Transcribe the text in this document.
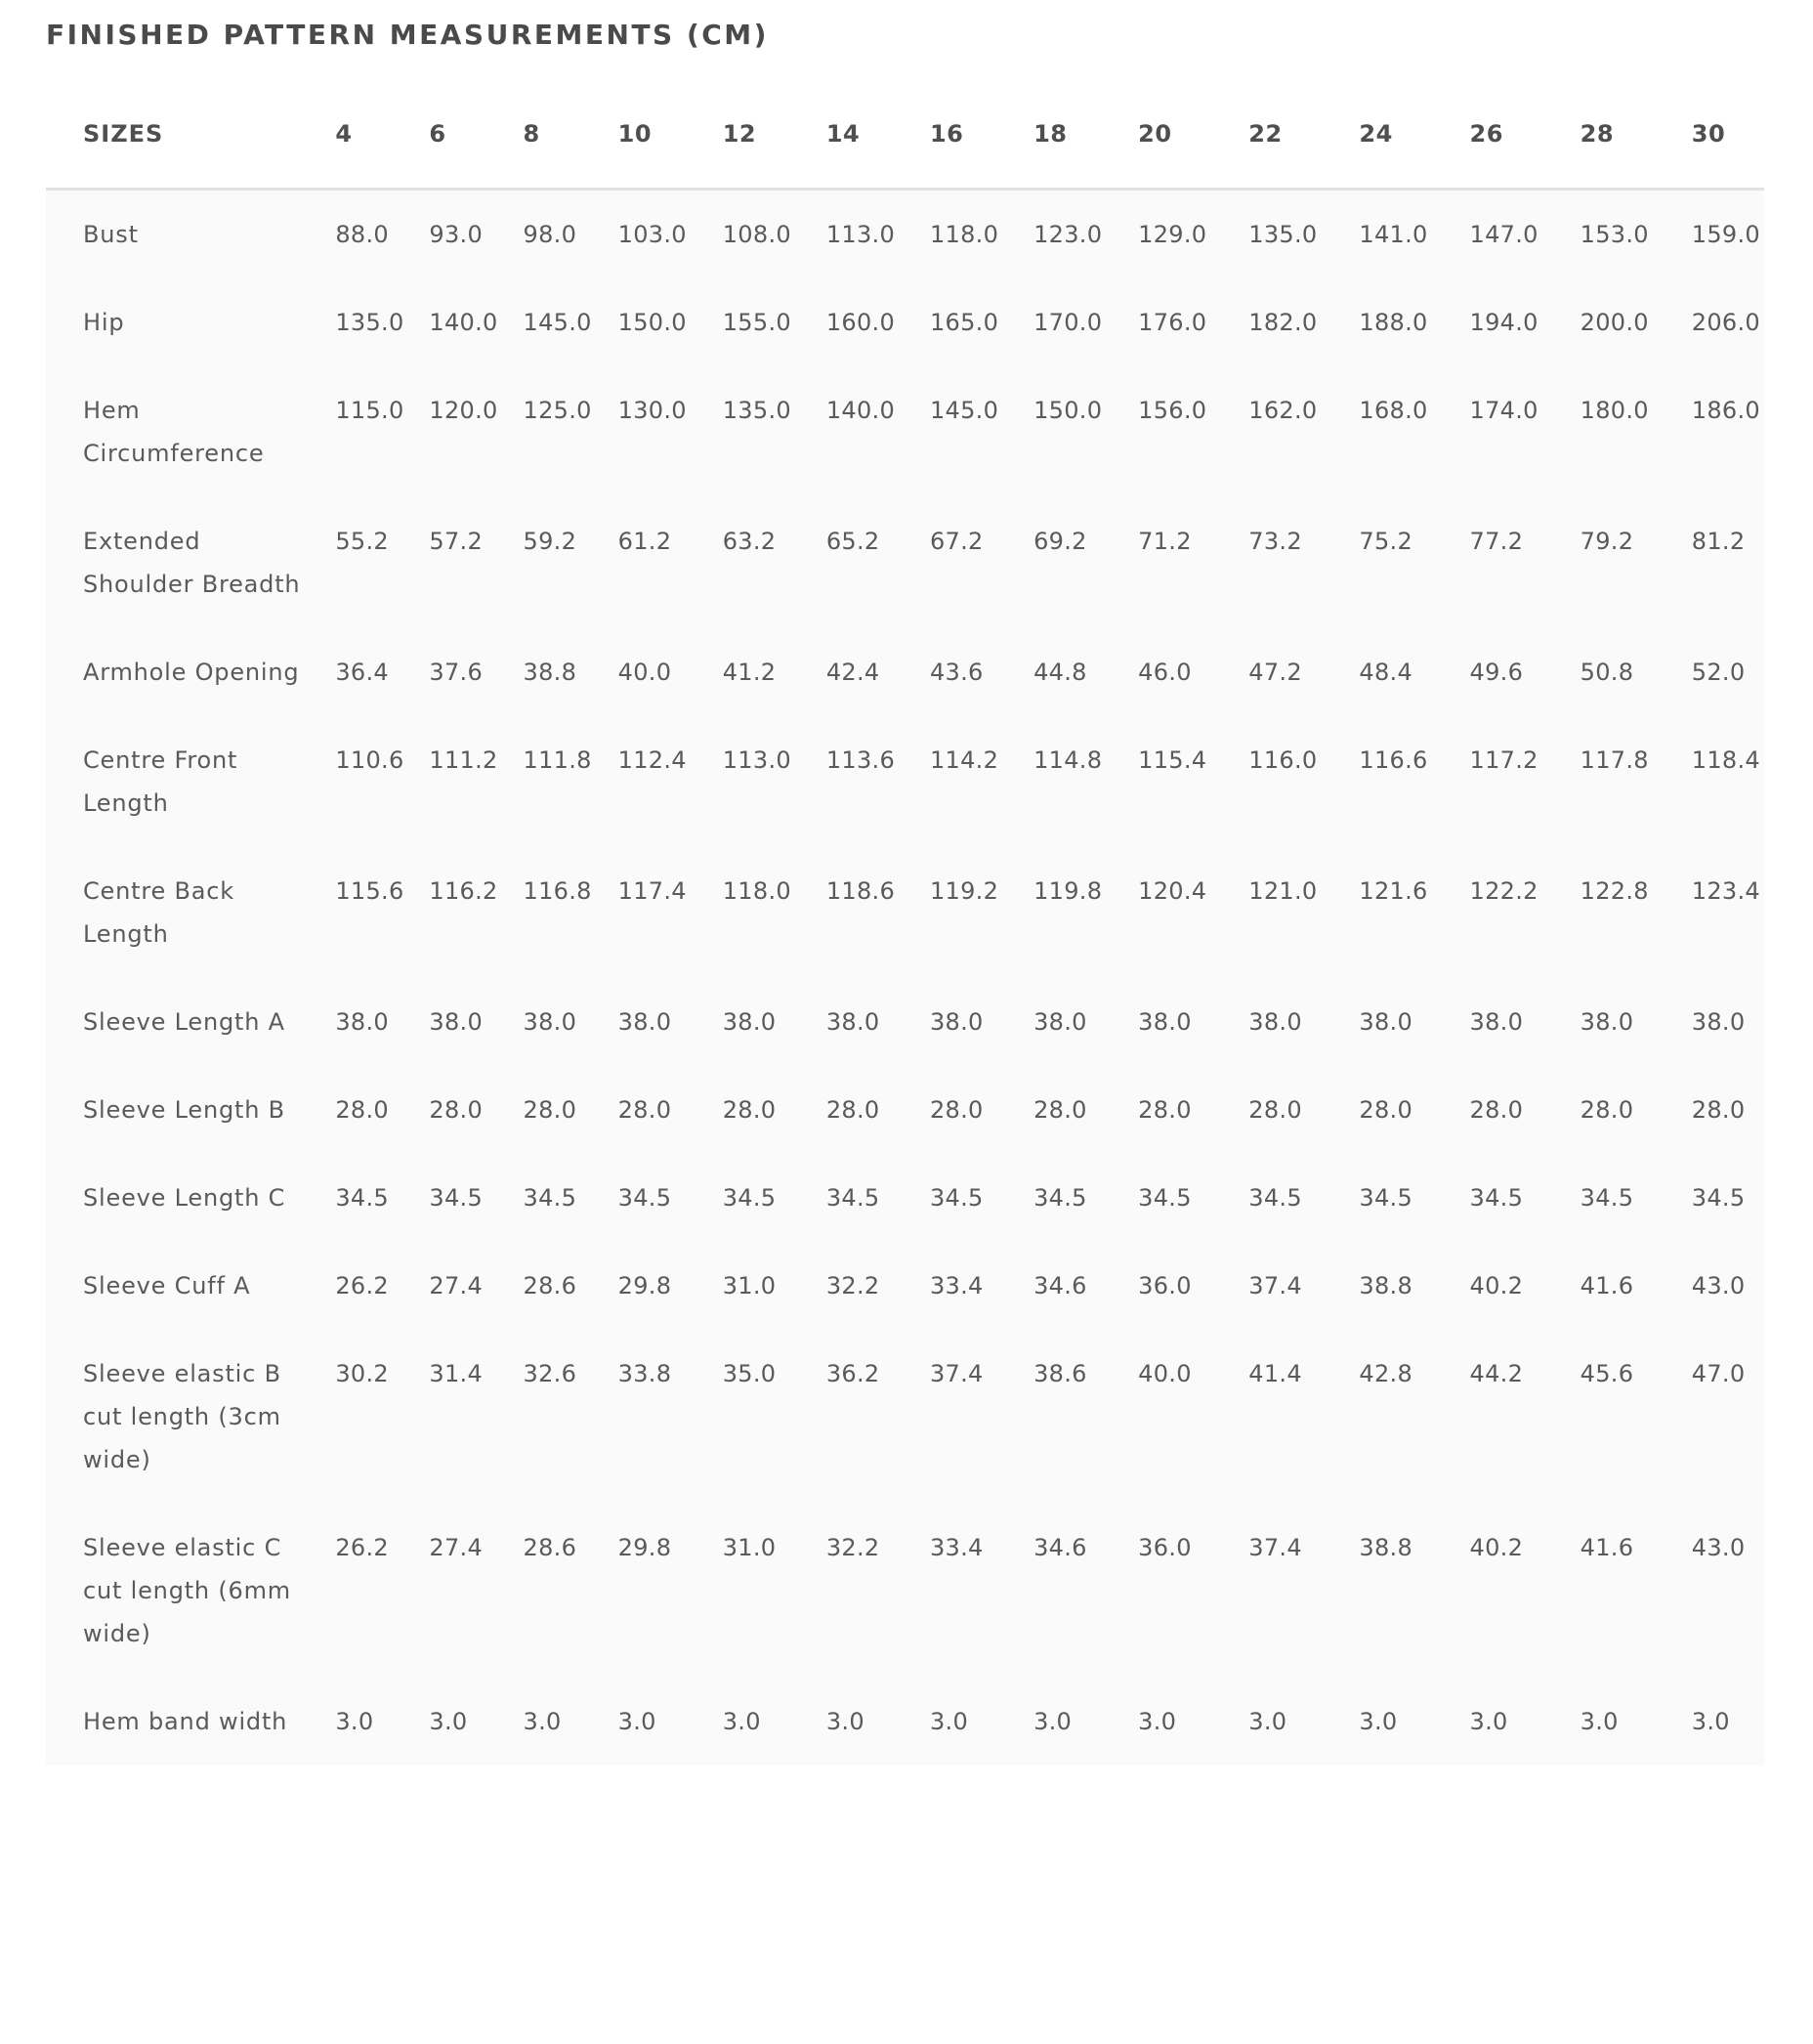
FINISHED PATTERN MEASUREMENTS (CM)
SIZES	4	6	8	10	12	14	16	18	20	22	24	26	28	30
Bust	88.0	93.0	98.0	103.0	108.0	113.0	118.0	123.0	129.0	135.0	141.0	147.0	153.0	159.0
Hip	135.0	140.0	145.0	150.0	155.0	160.0	165.0	170.0	176.0	182.0	188.0	194.0	200.0	206.0
Hem Circumference	115.0	120.0	125.0	130.0	135.0	140.0	145.0	150.0	156.0	162.0	168.0	174.0	180.0	186.0
Extended Shoulder Breadth	55.2	57.2	59.2	61.2	63.2	65.2	67.2	69.2	71.2	73.2	75.2	77.2	79.2	81.2
Armhole Opening	36.4	37.6	38.8	40.0	41.2	42.4	43.6	44.8	46.0	47.2	48.4	49.6	50.8	52.0
Centre Front Length	110.6	111.2	111.8	112.4	113.0	113.6	114.2	114.8	115.4	116.0	116.6	117.2	117.8	118.4
Centre Back Length	115.6	116.2	116.8	117.4	118.0	118.6	119.2	119.8	120.4	121.0	121.6	122.2	122.8	123.4
Sleeve Length A	38.0	38.0	38.0	38.0	38.0	38.0	38.0	38.0	38.0	38.0	38.0	38.0	38.0	38.0
Sleeve Length B	28.0	28.0	28.0	28.0	28.0	28.0	28.0	28.0	28.0	28.0	28.0	28.0	28.0	28.0
Sleeve Length C	34.5	34.5	34.5	34.5	34.5	34.5	34.5	34.5	34.5	34.5	34.5	34.5	34.5	34.5
Sleeve Cuff A	26.2	27.4	28.6	29.8	31.0	32.2	33.4	34.6	36.0	37.4	38.8	40.2	41.6	43.0
Sleeve elastic B cut length (3cm wide)	30.2	31.4	32.6	33.8	35.0	36.2	37.4	38.6	40.0	41.4	42.8	44.2	45.6	47.0
Sleeve elastic C cut length (6mm wide)	26.2	27.4	28.6	29.8	31.0	32.2	33.4	34.6	36.0	37.4	38.8	40.2	41.6	43.0
Hem band width	3.0	3.0	3.0	3.0	3.0	3.0	3.0	3.0	3.0	3.0	3.0	3.0	3.0	3.0
